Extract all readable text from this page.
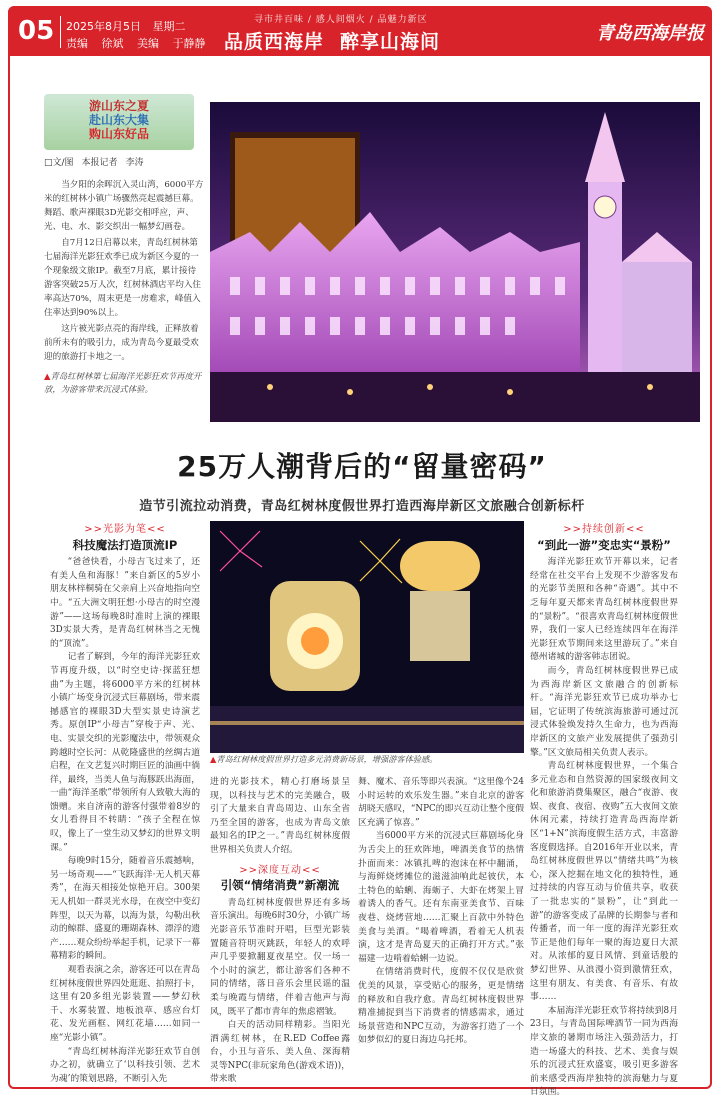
05 2025年8月5日 星期二
责编 徐斌 美编 于静静
寻市井百味 / 感人间烟火 / 品魅力新区
品质西海岸 醉享山海间	青岛西海岸报
游山东之夏
赴山东大集
购山东好品
□文/图 本报记者 李涛

当夕阳的余晖沉入灵山湾，6000平方米的红树林小镇广场骤然亮起震撼巨幕。舞蹈、歌声裸眼3D光影交相呼应，声、光、电、水、影交织出一幅梦幻画卷。

自7月12日启幕以来，青岛红树林第七届海洋光影狂欢季已成为新区今夏的一个现象级文旅IP。截至7月底，累计接待游客突破25万人次，红树林酒店平均入住率高达70%，周末更是一房难求，峰值入住率达到90%以上。

这片被光影点亮的海岸线，正释放着前所未有的吸引力，成为青岛今夏最受欢迎的旅游打卡地之一。

▲青岛红树林第七届海洋光影狂欢节再度开放，为游客带来沉浸式体验。

25万人潮背后的“留量密码”
造节引流拉动消费，青岛红树林度假世界打造西海岸新区文旅融合创新标杆
>>光影为笔<<
科技魔法打造顶流IP

“爸爸快看，小母吉飞过来了，还有美人鱼和海豚！”来自新区的5岁小朋友林梓桐骑在父亲肩上兴奋地指向空中。“五大洲文明狂想·小母吉的时空漫游”——这场每晚8时准时上演的裸眼3D实景大秀，是青岛红树林当之无愧的“顶流”。

记者了解到，今年的海洋光影狂欢节再度升级，以“时空史诗·探蓝狂想曲”为主题，将6000平方米的红树林小镇广场变身沉浸式巨幕剧场，带来震撼感官的裸眼3D大型实景史诗演艺秀。原创IP“小母吉”穿梭于声、光、电、实景交织的光影魔法中，带领观众跨越时空长河：从乾隆盛世的丝绸古道启程，在文艺复兴时期巨匠的油画中徜徉，最终，当美人鱼与海豚跃出海面，一曲“海洋圣歌”带领所有人致敬大海的馈赠。来自济南的游客付强带着8岁的女儿看得目不转睛：“孩子全程在惊叹，像上了一堂生动又梦幻的世界文明课。”

每晚9时15分，随着音乐震撼响，另一场奇观——“飞跃海洋·无人机天幕秀”，在海天相接处惊艳开启。300架无人机如一群灵光水母，在夜空中变幻阵型，以天为幕，以海为景，勾勒出秋动的鲸群、盛夏的珊瑚森林、漂浮的遗产……观众纷纷举起手机，记录下一幕幕精彩的瞬间。

观看表演之余，游客还可以在青岛红树林度假世界四处逛逛、拍照打卡，这里有20多组光影装置——梦幻秋千、水雾装置、地板浪草、感应台灯花、发光画框、网红花墙……如同一座“光影小镇”。

“青岛红树林海洋光影狂欢节自创办之初，就确立了‘以科技引领、艺术为魂’的策划思路，不断引入先

▲青岛红树林度假世界打造多元消费新场景，增强游客体验感。

进的光影技术，精心打磨场景呈现，以科技与艺术的完美融合，吸引了大量来自青岛周边、山东全省乃至全国的游客，也成为青岛文旅最知名的IP之一。”青岛红树林度假世界相关负责人介绍。

>>深度互动<<
引领“情绪消费”新潮流

青岛红树林度假世界还有多场音乐演出。每晚6时30分，小镇广场光影音乐节准时开唱，巨型光影装置随音符明灭跳跃，年轻人的欢呼声几乎要掀翻夏夜星空。仅一场一个小时的演艺，都让游客们各种不同的情绪，落日音乐会里民谣的温柔与晚霞与情绪，伴着吉他声与海风，既平了都市青年的焦虑褶皱。

白天的活动同样精彩。当阳光洒满红树林，在R.ED Coffee露台，小丑与音乐、美人鱼、深海精灵等NPC(非玩家角色(游戏术语))，带来歌

舞、魔术、音乐等即兴表演。“这里像个24小时运转的欢乐发生器。”来自北京的游客胡晓天感叹，“NPC的即兴互动让整个度假区充满了惊喜。”

当6000平方米的沉浸式巨幕剧场化身为舌尖上的狂欢阵地，啤酒美食节的热情扑面而来：冰镇扎啤的泡沫在杯中翻涌，与海鲜烧烤摊位的滋滋油响此起彼伏，本土特色的蛤蜊、海蛎子、大虾在烤架上冒着诱人的香气。还有东南亚美食节、百味夜巷、烧烤营地……汇聚上百款中外特色美食与美酒。“喝着啤酒，看着无人机表演，这才是青岛夏天的正确打开方式。”张福建一边啃着蛤蜊一边说。

在情绪消费时代，度假不仅仅是欣赏优美的风景，享受贴心的服务，更是情绪的释放和自我疗愈。青岛红树林度假世界精准捕捉到当下消费者的情感需求，通过场景营造和NPC互动，为游客打造了一个如梦似幻的夏日海边乌托邦。

>>持续创新<<
“到此一游”变忠实“景粉”

海洋光影狂欢节开幕以来，记者经常在社交平台上发现不少游客发布的光影节美照和各种“奇遇”。其中不乏每年夏天都来青岛红树林度假世界的“景粉”。“很喜欢青岛红树林度假世界，我们一家人已经连续四年在海洋光影狂欢节期间来这里游玩了。”来自德州诸城的游客韩志团说。

而今，青岛红树林度假世界已成为西海岸新区文旅融合的创新标杆。“海洋光影狂欢节已成功举办七届，它证明了传统滨海旅游可通过沉浸式体验焕发持久生命力，也为西海岸新区的文旅产业发展提供了强劲引擎。”区文旅局相关负责人表示。

青岛红树林度假世界，一个集合多元业态和自然资源的国家级夜间文化和旅游消费集聚区，融合“夜游、夜娱、夜食、夜宿、夜购”五大夜间文旅休闲元素，持续打造青岛西海岸新区“1+N”滨海度假生活方式，丰富游客度假选择。自2016年开业以来，青岛红树林度假世界以“情绪共鸣”为核心，深入挖掘在地文化的独特性，通过持续的内容互动与价值共享，收获了一批忠实的“景粉”，让“到此一游”的游客变成了品牌的长期参与者和传播者，而一年一度的海洋光影狂欢节正是他们每年一聚的海边夏日大派对。从浓郁的夏日风情、到童话般的梦幻世界、从浪漫小资到激情狂欢，这里有朋友、有美食、有音乐、有故事……

本届海洋光影狂欢节将持续到8月23日，与青岛国际啤酒节一同为西海岸文旅的暑期市场注入强劲活力，打造一场盛大的科技、艺术、美食与娱乐的沉浸式狂欢盛宴，吸引更多游客前来感受西海岸独特的滨海魅力与夏日氛围。
